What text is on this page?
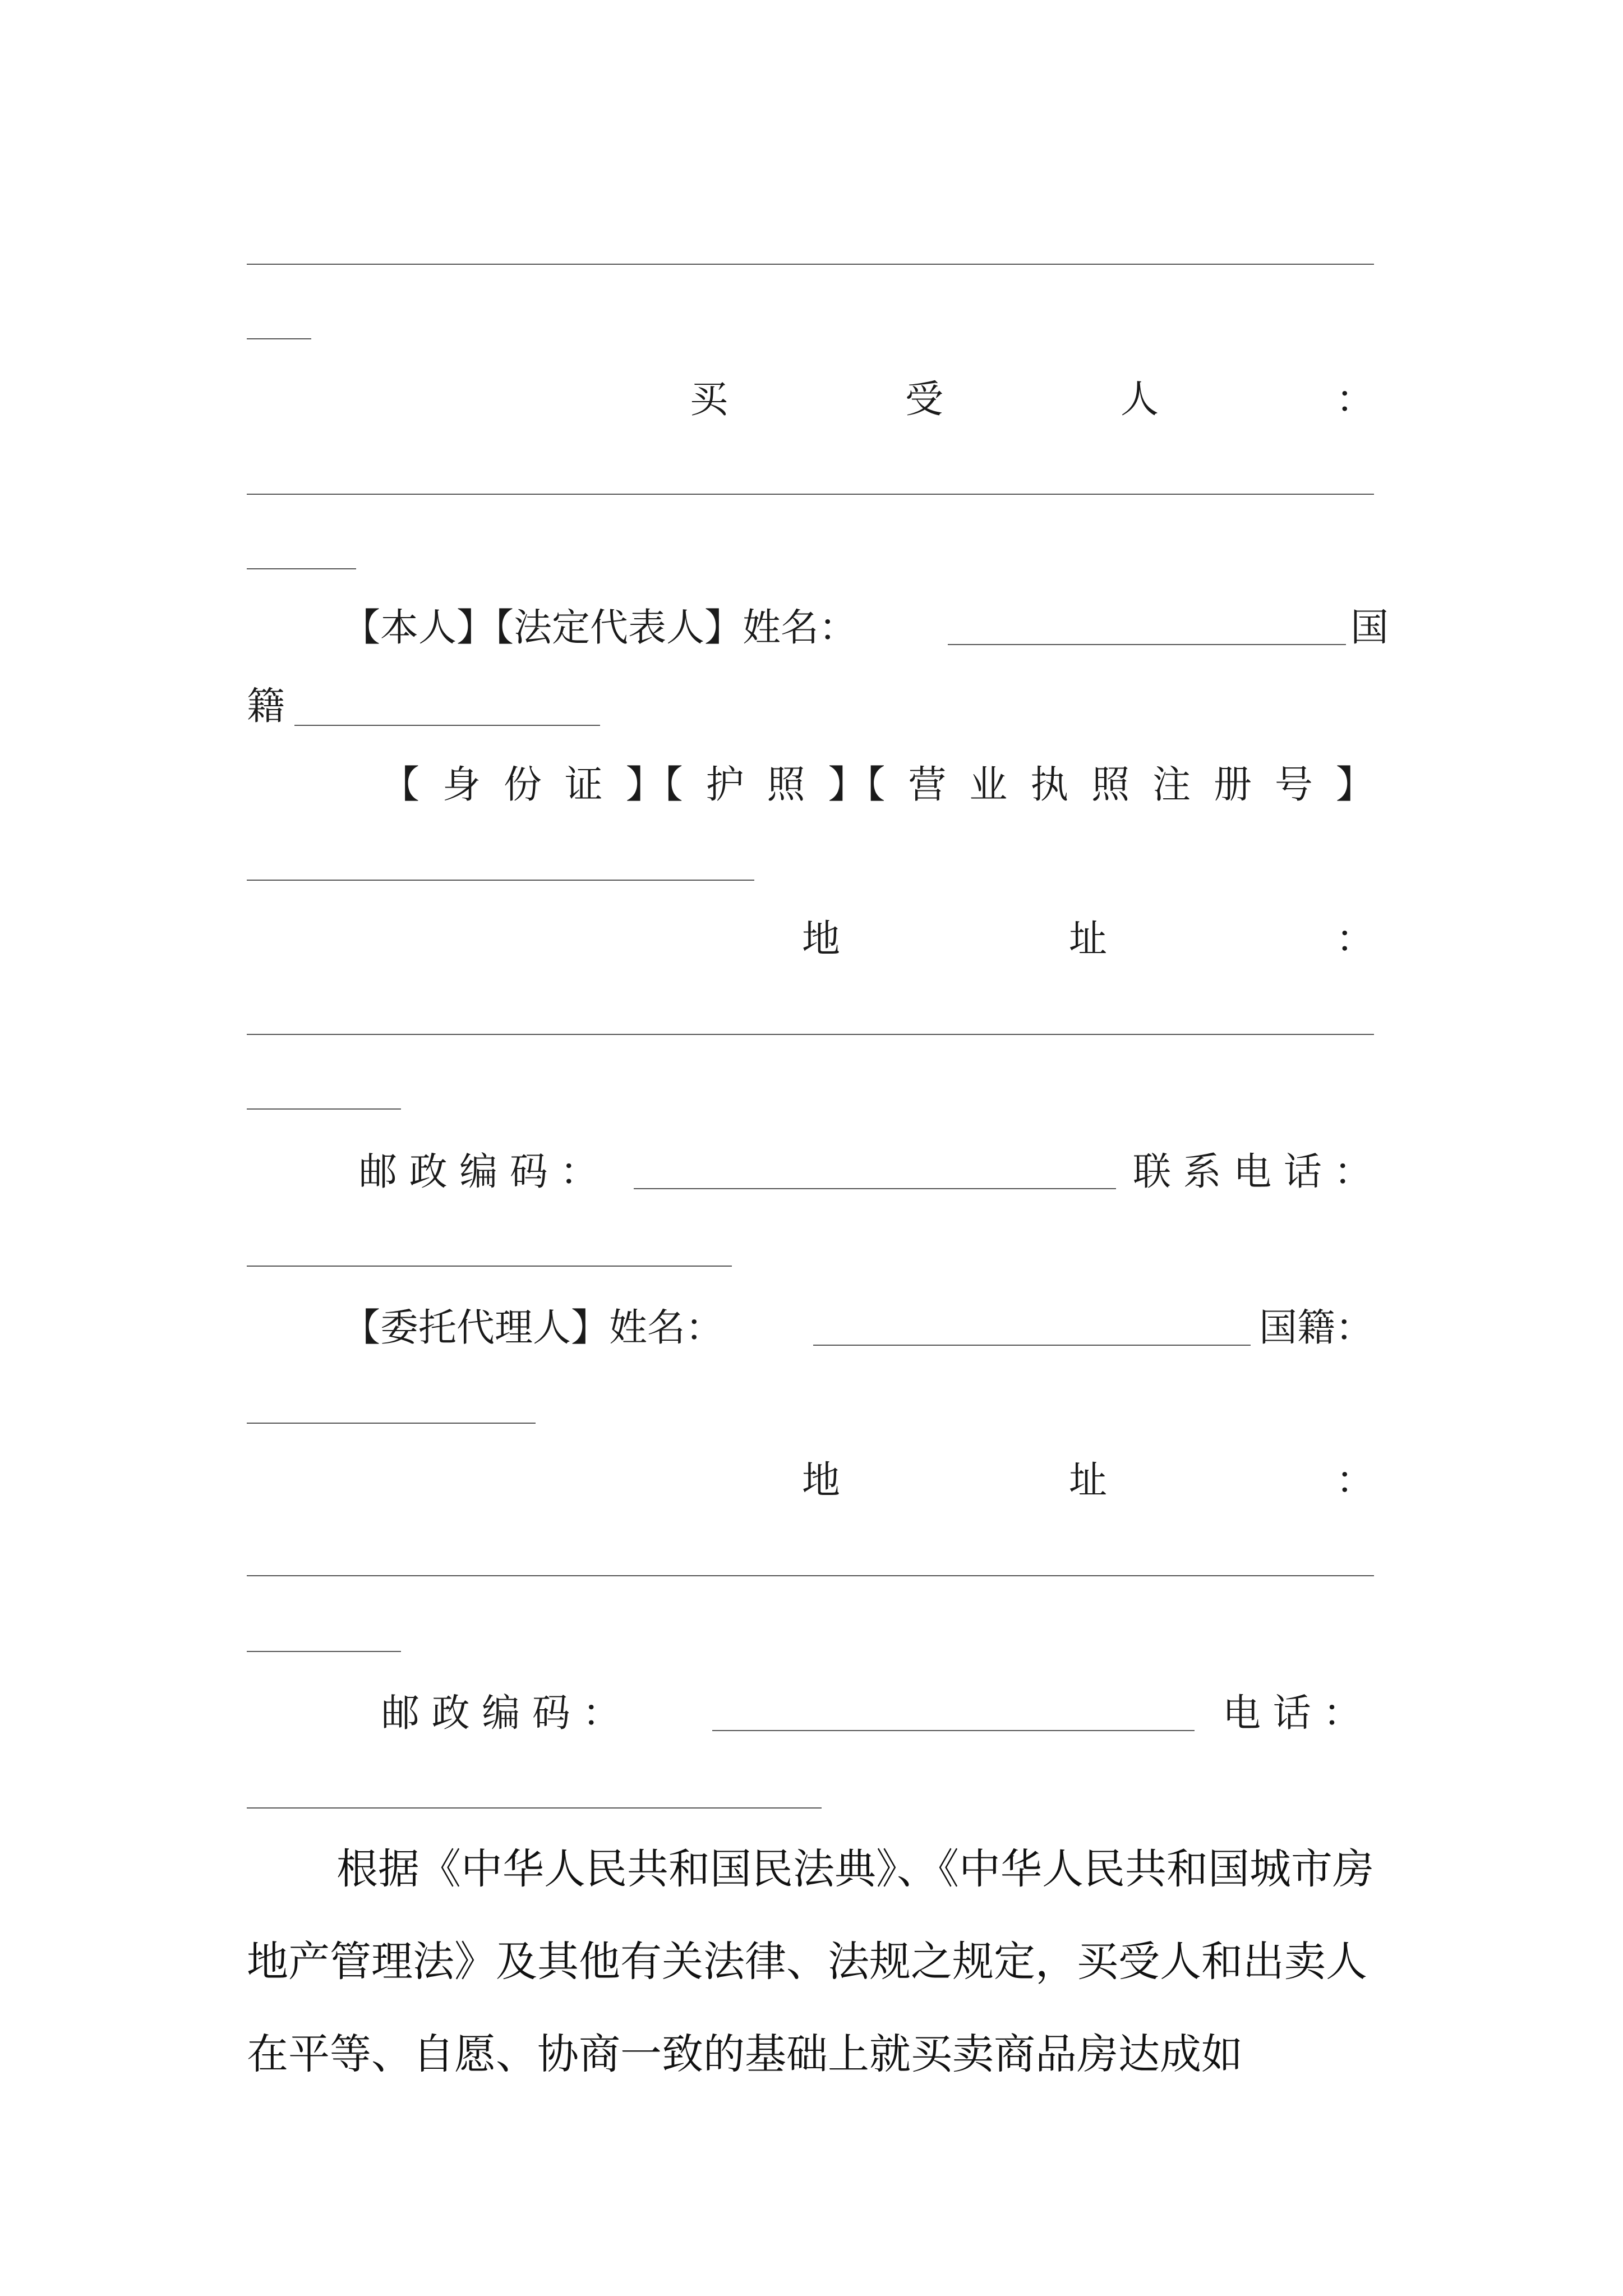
买	受	人	：
【本人】【法定代表人】姓名：	国
籍
【 身 份 证 】【 护 照 】【 营 业 执 照 注 册 号 】
地	址	：
邮 政 编 码 ：	联 系 电 话 ：
【委托代理人】姓名：	国籍：
地	址	：
邮 政 编 码 ：	电 话 ：
根据《中华人民共和国民法典》、《中华人民共和国城市房地产管理法》及其他有关法律、法规之规定，买受人和出卖人在平等、自愿、协商一致的基础上就买卖商品房达成如
